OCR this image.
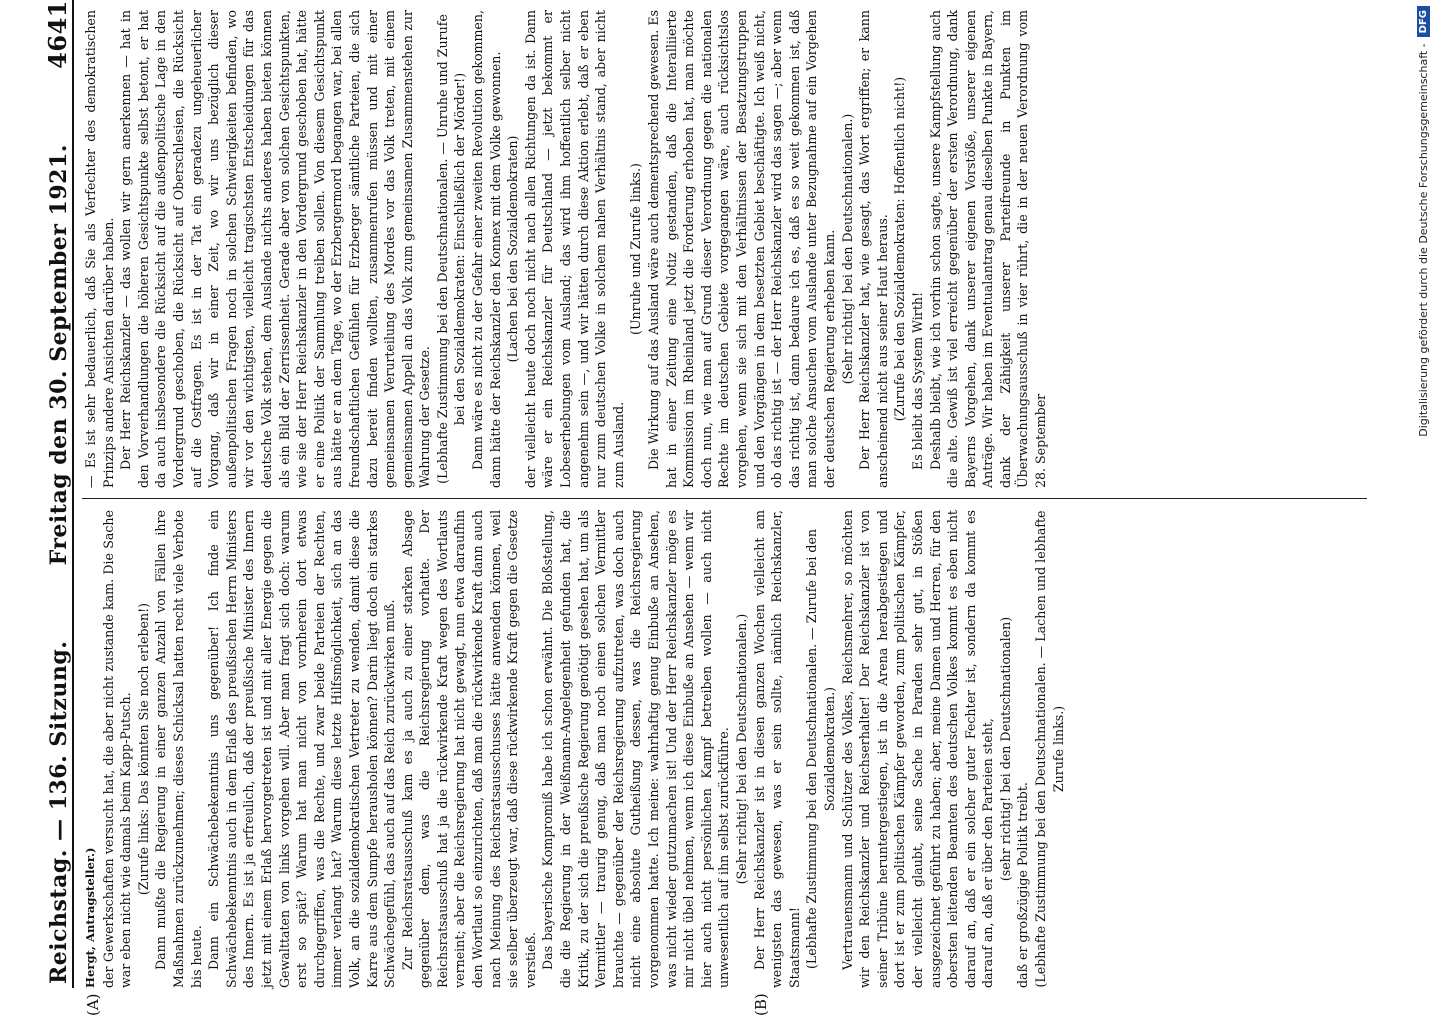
Reichstag. — 136. Sitzung.
Freitag den 30. September 1921.
4641
(A)	(B)

Hergt, Antragsteller.) der Gewerkschaften versucht hat, die aber nicht zustande kam. Die Sache war eben nicht wie damals beim Kapp-Putsch. (Zurufe links: Das könnten Sie noch erleben!) Dann mußte die Regierung in einer ganzen Anzahl von Fällen ihre Maßnahmen zurückzunehmen; dieses Schicksal hatten recht viele Verbote bis heute. Dann ein Schwächebekenntnis uns gegenüber! Ich finde ein Schwächebekenntnis auch in dem Erlaß des preußischen Herrn Ministers des Innern. Es ist ja erfreulich, daß der preußische Minister des Innern jetzt mit einem Erlaß hervorgetreten ist und mit aller Energie gegen die Gewalttaten von links vorgehen will. Aber man fragt sich doch: warum erst so spät? Warum hat man nicht von vornherein dort etwas durchgegriffen, was die Rechte, und zwar beide Parteien der Rechten, immer verlangt hat? Warum diese letzte Hilfsmöglichkeit, sich an das Volk, an die sozialdemokratischen Vertreter zu wenden, damit diese die Karre aus dem Sumpfe herausholen können? Darin liegt doch ein starkes Schwächegefühl, das auch auf das Reich zurückwirken muß. Zur Reichsratsausschuß kam es ja auch zu einer starken Absage gegenüber dem, was die Reichsregierung vorhatte. Der Reichsratsausschuß hat ja die rückwirkende Kraft wegen des Wortlauts verneint; aber die Reichsregierung hat nicht gewagt, nun etwa daraufhin den Wortlaut so einzurichten, daß man die rückwirkende Kraft dann auch nach Meinung des Reichsratsausschusses hätte anwenden können, weil sie selber überzeugt war, daß diese rückwirkende Kraft gegen die Gesetze verstieß. Das bayerische Kompromiß habe ich schon erwähnt. Die Bloßstellung, die die Regierung in der Weißmann-Angelegenheit gefunden hat, die Kritik, zu der sich die preußische Regierung genötigt gesehen hat, um als Vermittler — traurig genug, daß man noch einen solchen Vermittler brauchte — gegenüber der Reichsregierung aufzutreten, was doch auch nicht eine absolute Gutheißung dessen, was die Reichsregierung vorgenommen hatte. Ich meine: wahrhaftig genug Einbuße an Ansehen, was nicht wieder gutzumachen ist! Und der Herr Reichskanzler möge es mir nicht übel nehmen, wenn ich diese Einbuße an Ansehen — wenn wir hier auch nicht persönlichen Kampf betreiben wollen — auch nicht unwesentlich auf ihn selbst zurückführe. (Sehr richtig! bei den Deutschnationalen.) Der Herr Reichskanzler ist in diesen ganzen Wochen vielleicht am wenigsten das gewesen, was er sein sollte, nämlich Reichskanzler, Staatsmann! (Lebhafte Zustimmung bei den Deutschnationalen. — Zurufe bei den Sozialdemokraten.) Vertrauensmann und Schützer des Volkes, Reichsmehrer, so möchten wir den Reichskanzler und Reichserhalter! Der Reichskanzler ist von seiner Tribüne heruntergestiegen, ist in die Arena herabgestiegen und dort ist er zum politischen Kämpfer geworden, zum politischen Kämpfer, der vielleicht glaubt, seine Sache in Paraden sehr gut, in Stößen ausgezeichnet geführt zu haben; aber, meine Damen und Herren, für den obersten leitenden Beamten des deutschen Volkes kommt es eben nicht darauf an, daß er ein solcher guter Fechter ist, sondern da kommt es darauf an, daß er über den Parteien steht, (sehr richtig! bei den Deutschnationalen)

daß er großzügige Politik treibt. (Lebhafte Zustimmung bei den Deutschnationalen. — Lachen und lebhafte Zurufe links.)

— Es ist sehr bedauerlich, daß Sie als Verfechter des demokratischen Prinzips andere Ansichten darüber haben. Der Herr Reichskanzler — das wollen wir gern anerkennen — hat in den Vorverhandlungen die höheren Gesichtspunkte selbst betont, er hat da auch insbesondere die Rücksicht auf die außenpolitische Lage in den Vordergrund geschoben, die Rücksicht auf Oberschlesien, die Rücksicht auf die Ostfragen. Es ist in der Tat ein geradezu ungeheuerlicher Vorgang, daß wir in einer Zeit, wo wir uns bezüglich dieser außenpolitischen Fragen noch in solchen Schwierigkeiten befinden, wo wir vor den wichtigsten, vielleicht tragischsten Entscheidungen für das deutsche Volk stehen, dem Auslande nichts anderes haben bieten können als ein Bild der Zerrissenheit. Gerade aber von solchen Gesichtspunkten, wie sie der Herr Reichskanzler in den Vordergrund geschoben hat, hätte er eine Politik der Sammlung treiben sollen. Von diesem Gesichtspunkt aus hätte er an dem Tage, wo der Erzbergermord begangen war, bei allen freundschaftlichen Gefühlen für Erzberger sämtliche Parteien, die sich dazu bereit finden wollten, zusammenrufen müssen und mit einer gemeinsamen Verurteilung des Mordes vor das Volk treten, mit einem gemeinsamen Appell an das Volk zum gemeinsamen Zusammenstehen zur Wahrung der Gesetze. (Lebhafte Zustimmung bei den Deutschnationalen. — Unruhe und Zurufe bei den Sozialdemokraten: Einschließlich der Mörder!) Dann wäre es nicht zu der Gefahr einer zweiten Revolution gekommen, dann hätte der Reichskanzler den Konnex mit dem Volke gewonnen. (Lachen bei den Sozialdemokraten) der vielleicht heute doch noch nicht nach allen Richtungen da ist. Dann wäre er ein Reichskanzler für Deutschland — jetzt bekommt er Lobeserhebungen vom Ausland; das wird ihm hoffentlich selber nicht angenehm sein —, und wir hätten durch diese Aktion erlebt, daß er eben nur zum deutschen Volke in solchem nahen Verhältnis stand, aber nicht zum Ausland.

(Unruhe und Zurufe links.) Die Wirkung auf das Ausland wäre auch dementsprechend gewesen. Es hat in einer Zeitung eine Notiz gestanden, daß die Interalliierte Kommission im Rheinland jetzt die Forderung erhoben hat, man möchte doch nun, wie man auf Grund dieser Verordnung gegen die nationalen Rechte im deutschen Gebiete vorgegangen wäre, auch rücksichtslos vorgehen, wenn sie sich mit den Verhältnissen der Besatzungstruppen und den Vorgängen in dem besetzten Gebiet beschäftigte. Ich weiß nicht, ob das richtig ist — der Herr Reichskanzler wird das sagen —; aber wenn das richtig ist, dann bedaure ich es, daß es so weit gekommen ist, daß man solche Ansuchen vom Auslande unter Bezugnahme auf ein Vorgehen der deutschen Regierung erheben kann. (Sehr richtig! bei den Deutschnationalen.) Der Herr Reichskanzler hat, wie gesagt, das Wort ergriffen; er kann anscheinend nicht aus seiner Haut heraus. (Zurufe bei den Sozialdemokraten: Hoffentlich nicht!) Es bleibt das System Wirth! Deshalb bleibt, wie ich vorhin schon sagte, unsere Kampfstellung auch die alte. Gewiß ist viel erreicht gegenüber der ersten Verordnung, dank Bayerns Vorgehen, dank unserer eigenen Vorstöße, unserer eigenen Anträge. Wir haben im Eventualantrag genau dieselben Punkte in Bayern, dank der Zähigkeit unserer Parteifreunde in Punkten im Überwachungsausschuß in vier rührt, die in der neuen Verordnung vom 28. September

Digitalisierung gefördert durch die Deutsche Forschungsgemeinschaft -
DFG
